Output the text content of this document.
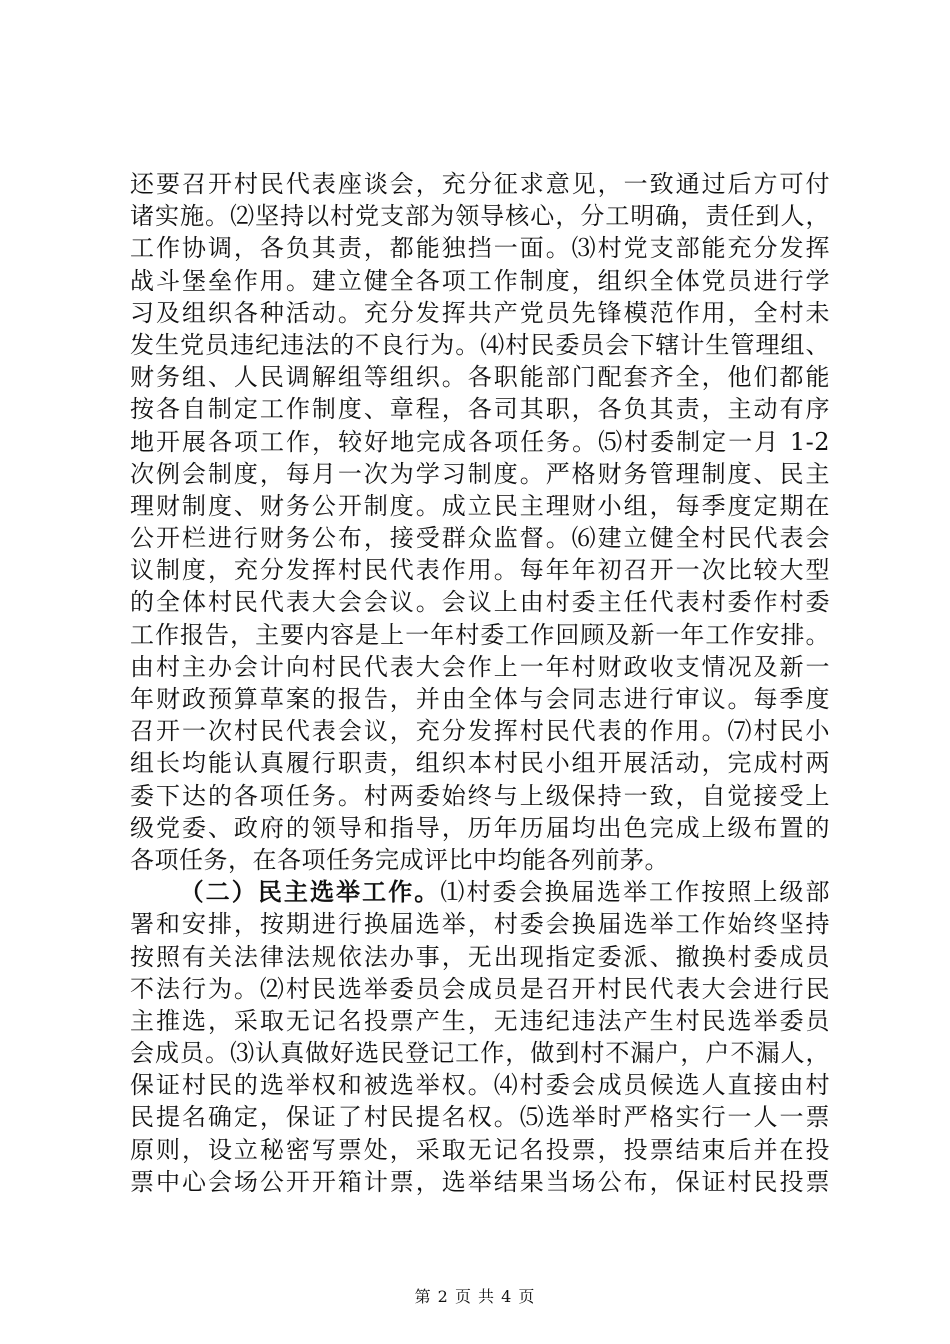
还要召开村民代表座谈会，充分征求意见，一致通过后方可付
诸实施。⑵坚持以村党支部为领导核心，分工明确，责任到人，
工作协调，各负其责，都能独挡一面。⑶村党支部能充分发挥
战斗堡垒作用。建立健全各项工作制度，组织全体党员进行学
习及组织各种活动。充分发挥共产党员先锋模范作用，全村未
发生党员违纪违法的不良行为。⑷村民委员会下辖计生管理组、
财务组、人民调解组等组织。各职能部门配套齐全，他们都能
按各自制定工作制度、章程，各司其职，各负其责，主动有序
地开展各项工作，较好地完成各项任务。⑸村委制定一月 1-2
次例会制度，每月一次为学习制度。严格财务管理制度、民主
理财制度、财务公开制度。成立民主理财小组，每季度定期在
公开栏进行财务公布，接受群众监督。⑹建立健全村民代表会
议制度，充分发挥村民代表作用。每年年初召开一次比较大型
的全体村民代表大会会议。会议上由村委主任代表村委作村委
工作报告，主要内容是上一年村委工作回顾及新一年工作安排。
由村主办会计向村民代表大会作上一年村财政收支情况及新一
年财政预算草案的报告，并由全体与会同志进行审议。每季度
召开一次村民代表会议，充分发挥村民代表的作用。⑺村民小
组长均能认真履行职责，组织本村民小组开展活动，完成村两
委下达的各项任务。村两委始终与上级保持一致，自觉接受上
级党委、政府的领导和指导，历年历届均出色完成上级布置的
各项任务，在各项任务完成评比中均能各列前茅。
（二）民主选举工作。⑴村委会换届选举工作按照上级部
署和安排，按期进行换届选举，村委会换届选举工作始终坚持
按照有关法律法规依法办事，无出现指定委派、撤换村委成员
不法行为。⑵村民选举委员会成员是召开村民代表大会进行民
主推选，采取无记名投票产生，无违纪违法产生村民选举委员
会成员。⑶认真做好选民登记工作，做到村不漏户，户不漏人，
保证村民的选举权和被选举权。⑷村委会成员候选人直接由村
民提名确定，保证了村民提名权。⑸选举时严格实行一人一票
原则，设立秘密写票处，采取无记名投票，投票结束后并在投
票中心会场公开开箱计票，选举结果当场公布，保证村民投票
第 2 页 共 4 页
